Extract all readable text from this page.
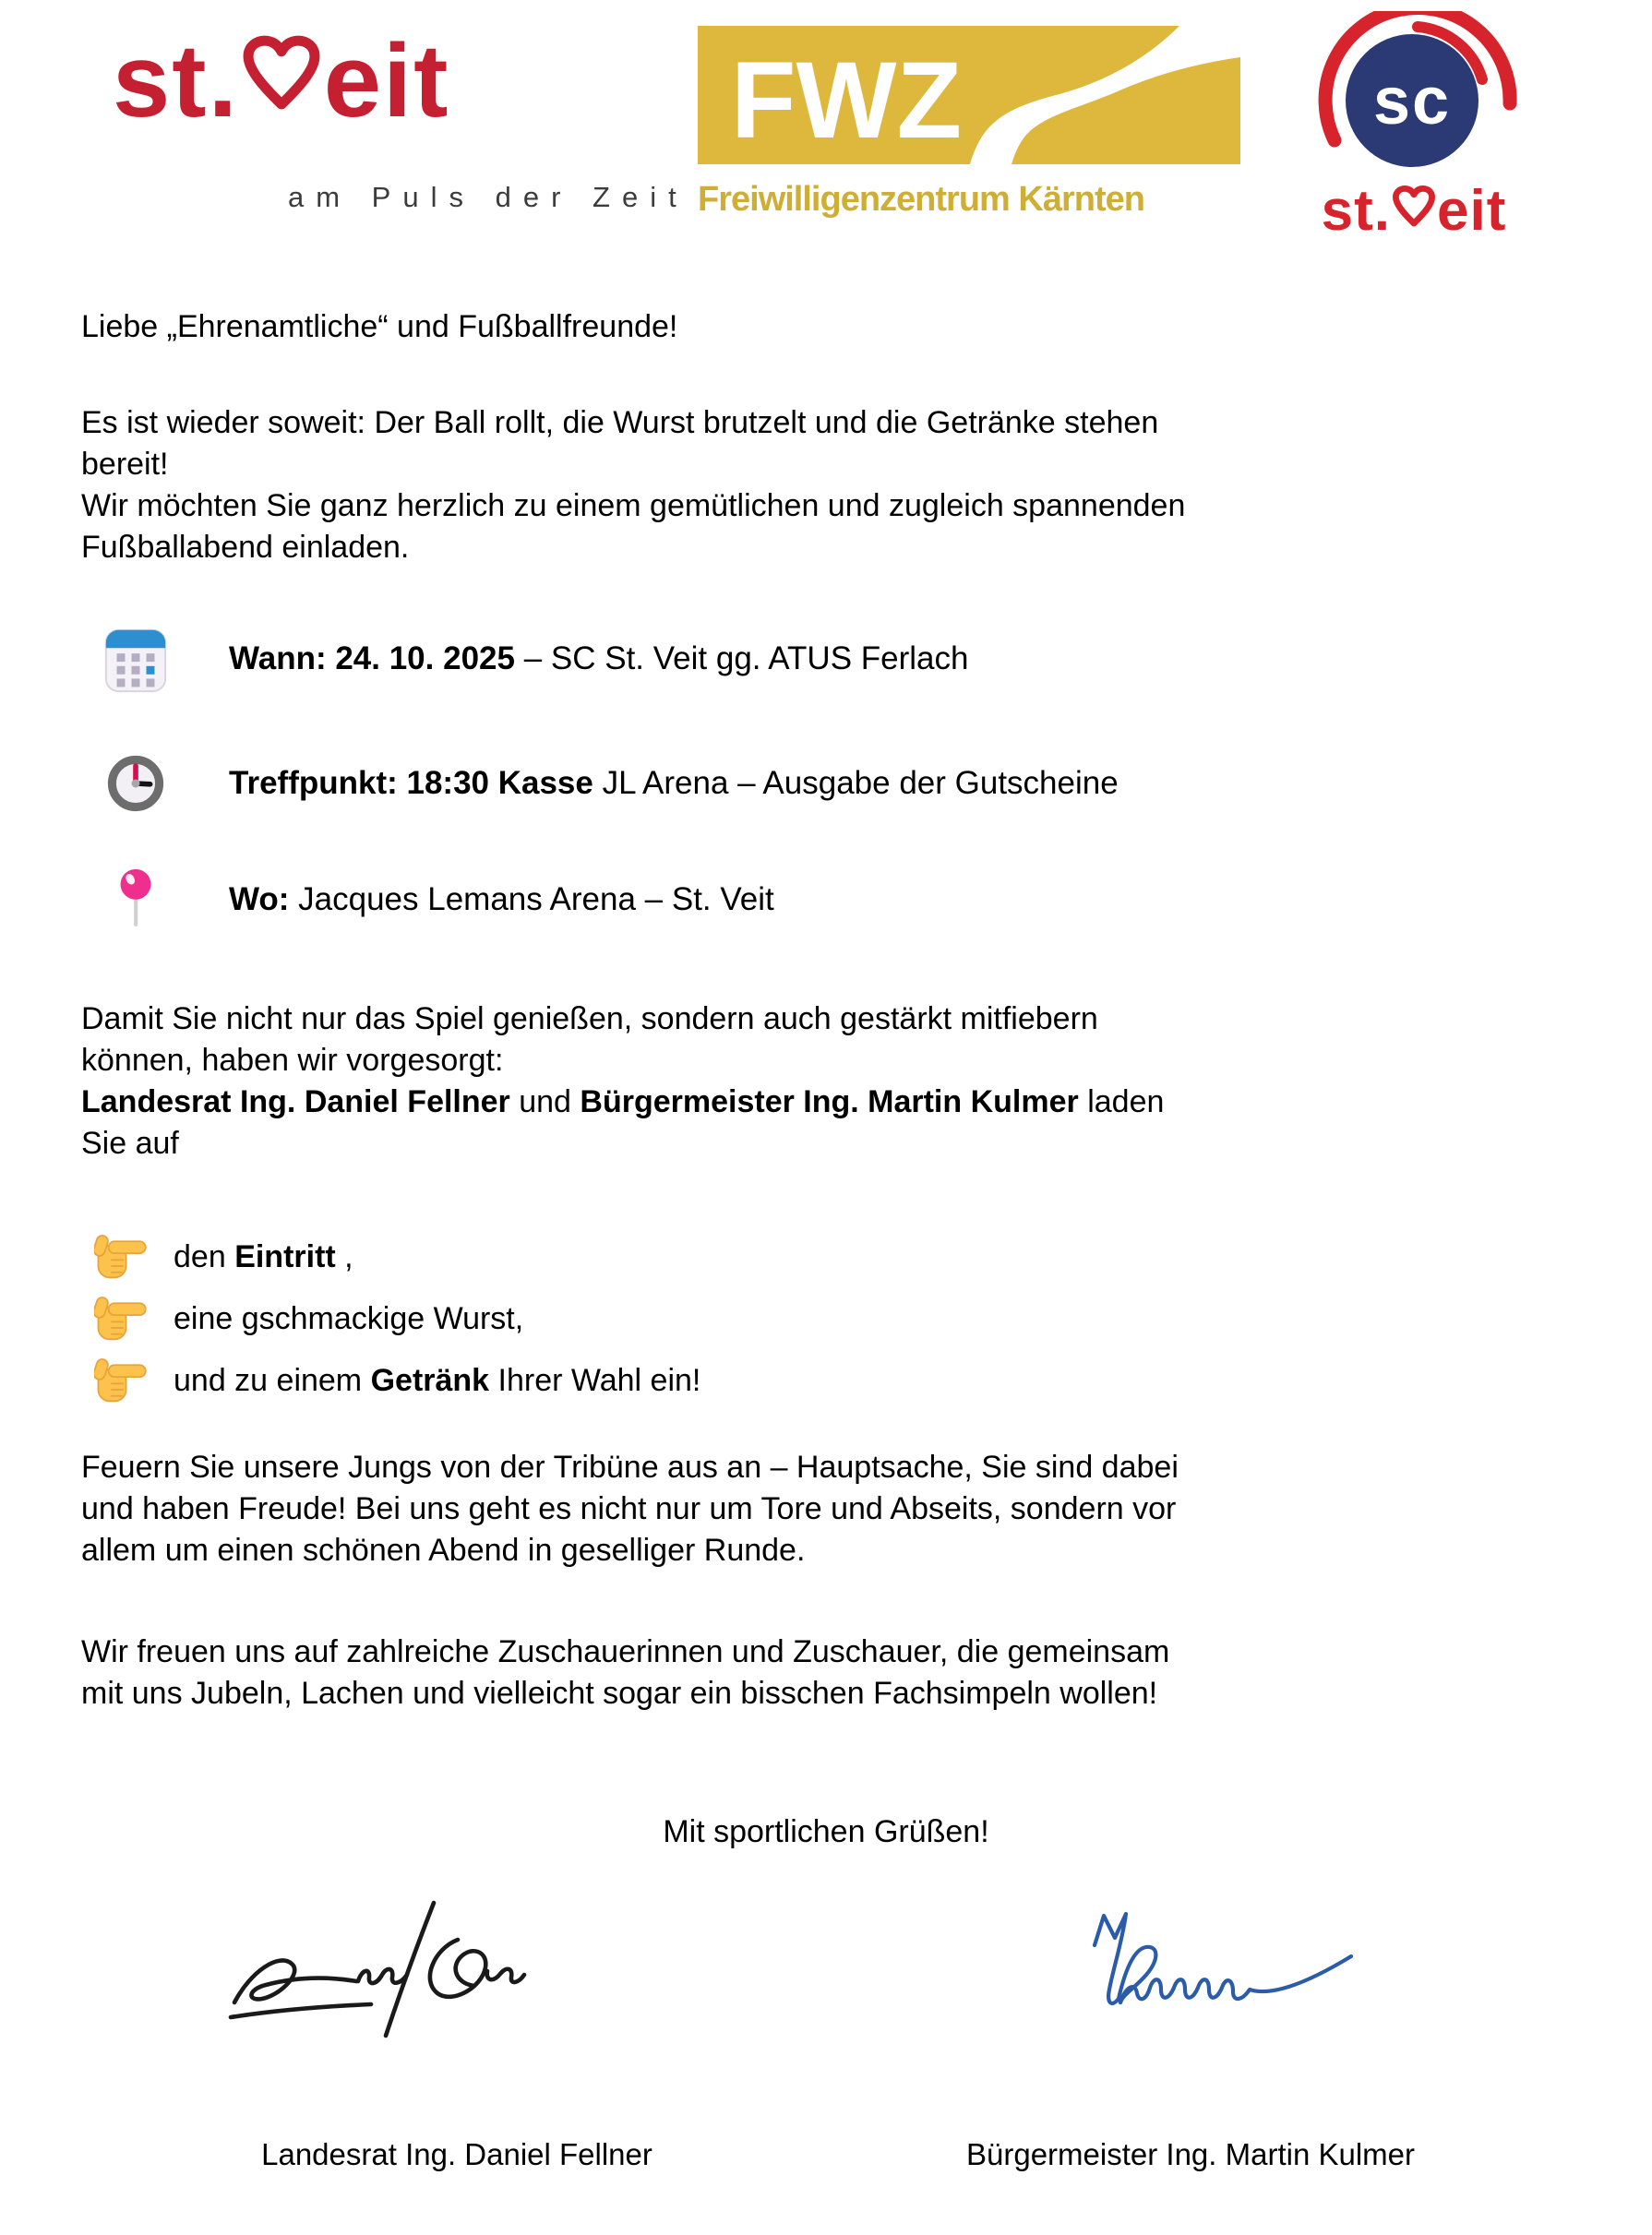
st. eit
am Puls der Zeit
FWZ
Freiwilligenzentrum Kärnten
sc
st. eit
Liebe „Ehrenamtliche“ und Fußballfreunde!
Es ist wieder soweit: Der Ball rollt, die Wurst brutzelt und die Getränke stehen
bereit!
Wir möchten Sie ganz herzlich zu einem gemütlichen und zugleich spannenden
Fußballabend einladen.
Wann: 24. 10. 2025 – SC St. Veit gg. ATUS Ferlach
Treffpunkt: 18:30 Kasse JL Arena – Ausgabe der Gutscheine
Wo: Jacques Lemans Arena – St. Veit
Damit Sie nicht nur das Spiel genießen, sondern auch gestärkt mitfiebern
können, haben wir vorgesorgt:
Landesrat Ing. Daniel Fellner und Bürgermeister Ing. Martin Kulmer laden
Sie auf
den Eintritt ,
eine gschmackige Wurst,
und zu einem Getränk Ihrer Wahl ein!
Feuern Sie unsere Jungs von der Tribüne aus an – Hauptsache, Sie sind dabei
und haben Freude! Bei uns geht es nicht nur um Tore und Abseits, sondern vor
allem um einen schönen Abend in geselliger Runde.
Wir freuen uns auf zahlreiche Zuschauerinnen und Zuschauer, die gemeinsam
mit uns Jubeln, Lachen und vielleicht sogar ein bisschen Fachsimpeln wollen!
Mit sportlichen Grüßen!
Landesrat Ing. Daniel Fellner	Bürgermeister Ing. Martin Kulmer
